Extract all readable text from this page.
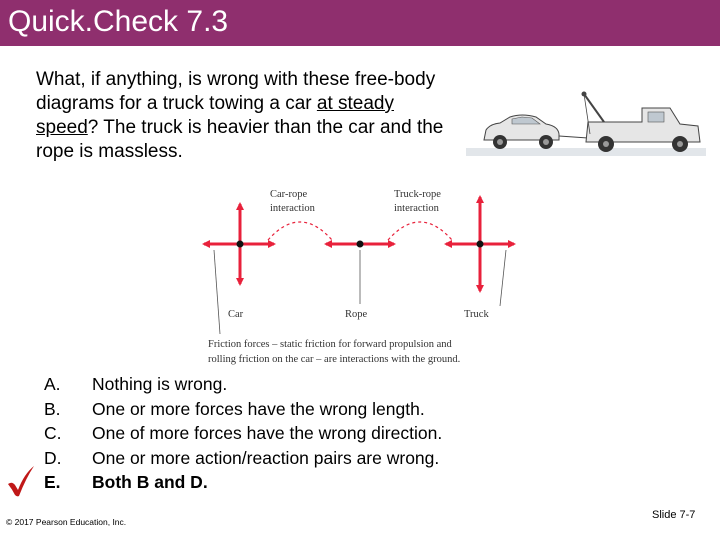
Quick.Check 7.3
What, if anything, is wrong with these free-body diagrams for a truck towing a car at steady speed? The truck is heavier than the car and the rope is massless.
Car-rope
interaction
Truck-rope
interaction
Car	Rope	Truck
Friction forces – static friction for forward propulsion and
rolling friction on the car – are interactions with the ground.
A. Nothing is wrong.
B. One or more forces have the wrong length.
C. One of more forces have the wrong direction.
D. One or more action/reaction pairs are wrong.
E. Both B and D.
© 2017 Pearson Education, Inc.
Slide 7-7
